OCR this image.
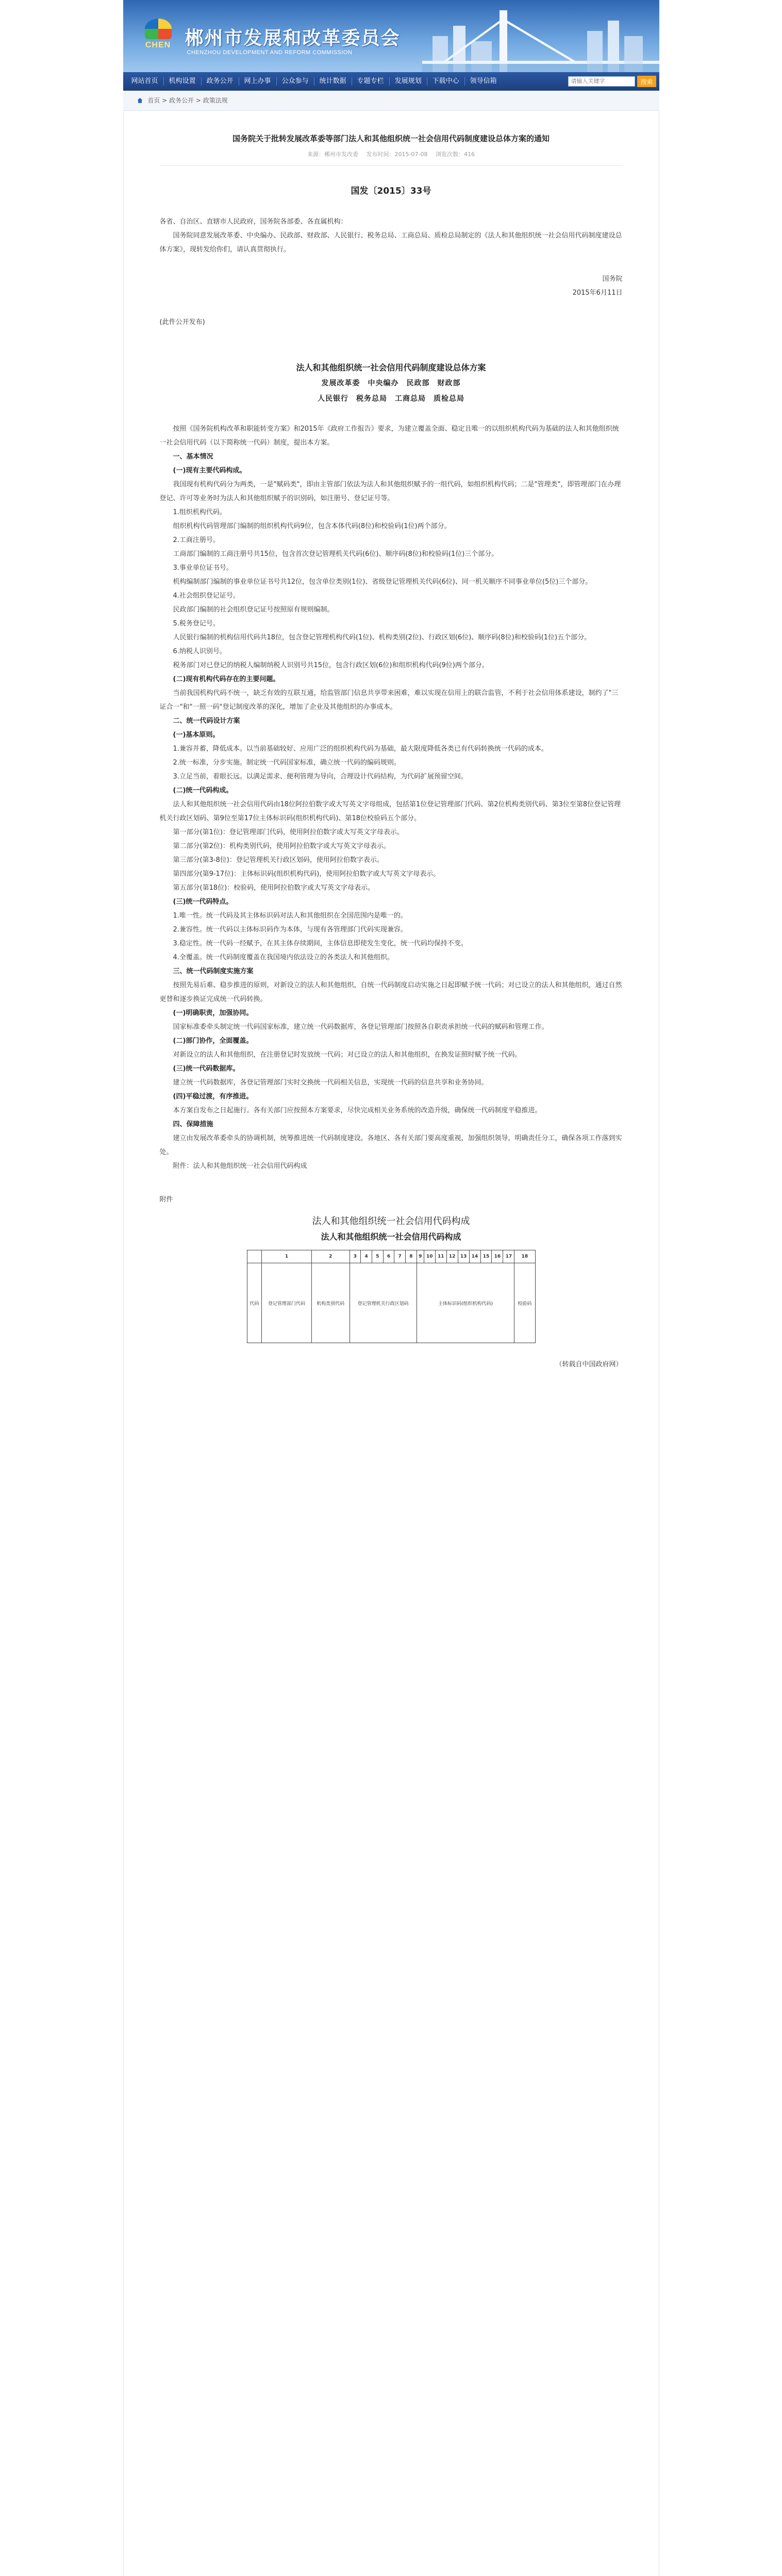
CHEN 郴州市发展和改革委员会
CHENZHOU DEVELOPMENT AND REFORM COMMISSION
网站首页	机构设置	政务公开	网上办事	公众参与	统计数据	专题专栏	发展规划	下载中心	领导信箱
请输入关键字	搜索
首页 > 政务公开 > 政策法规
国务院关于批转发展改革委等部门法人和其他组织统一社会信用代码制度建设总体方案的通知
来源：郴州市发改委 发布时间：2015-07-08 浏览次数：416
国发〔2015〕33号

各省、自治区、直辖市人民政府，国务院各部委、各直属机构：

国务院同意发展改革委、中央编办、民政部、财政部、人民银行、税务总局、工商总局、质检总局制定的《法人和其他组织统一社会信用代码制度建设总体方案》，现转发给你们，请认真贯彻执行。

国务院

2015年6月11日

(此件公开发布)

法人和其他组织统一社会信用代码制度建设总体方案
发展改革委　中央编办　民政部　财政部
人民银行　税务总局　工商总局　质检总局

按照《国务院机构改革和职能转变方案》和2015年《政府工作报告》要求，为建立覆盖全面、稳定且唯一的以组织机构代码为基础的法人和其他组织统一社会信用代码（以下简称统一代码）制度，提出本方案。

一、基本情况

(一)现有主要代码构成。

我国现有机构代码分为两类，一是"赋码类"，即由主管部门依法为法人和其他组织赋予的一组代码，如组织机构代码；二是"管理类"，即管理部门在办理登记、许可等业务时为法人和其他组织赋予的识别码，如注册号、登记证号等。

1.组织机构代码。

组织机构代码管理部门编制的组织机构代码9位，包含本体代码(8位)和校验码(1位)两个部分。

2.工商注册号。

工商部门编制的工商注册号共15位，包含首次登记管理机关代码(6位)、顺序码(8位)和校验码(1位)三个部分。

3.事业单位证书号。

机构编制部门编制的事业单位证书号共12位，包含单位类别(1位)、省级登记管理机关代码(6位)、同一机关顺序不同事业单位(5位)三个部分。

4.社会组织登记证号。

民政部门编制的社会组织登记证号按照原有规则编制。

5.税务登记号。

人民银行编制的机构信用代码共18位，包含登记管理机构代码(1位)、机构类别(2位)、行政区划(6位)、顺序码(8位)和校验码(1位)五个部分。

6.纳税人识别号。

税务部门对已登记的纳税人编制纳税人识别号共15位，包含行政区划(6位)和组织机构代码(9位)两个部分。

(二)现有机构代码存在的主要问题。

当前我国机构代码不统一，缺乏有效的互联互通，给监管部门信息共享带来困难，难以实现在信用上的联合监管，不利于社会信用体系建设，制约了"三证合一"和"一照一码"登记制度改革的深化，增加了企业及其他组织的办事成本。

二、统一代码设计方案

(一)基本原则。

1.兼容并蓄，降低成本。以当前基础较好、应用广泛的组织机构代码为基础，最大限度降低各类已有代码转换统一代码的成本。

2.统一标准，分步实施。制定统一代码国家标准，确立统一代码的编码规则。

3.立足当前，着眼长远。以满足需求、便利管理为导向，合理设计代码结构，为代码扩展预留空间。

(二)统一代码构成。

法人和其他组织统一社会信用代码由18位阿拉伯数字或大写英文字母组成，包括第1位登记管理部门代码、第2位机构类别代码、第3位至第8位登记管理机关行政区划码、第9位至第17位主体标识码(组织机构代码)、第18位校验码五个部分。

第一部分(第1位)：登记管理部门代码，使用阿拉伯数字或大写英文字母表示。

第二部分(第2位)：机构类别代码，使用阿拉伯数字或大写英文字母表示。

第三部分(第3-8位)：登记管理机关行政区划码，使用阿拉伯数字表示。

第四部分(第9-17位)：主体标识码(组织机构代码)，使用阿拉伯数字或大写英文字母表示。

第五部分(第18位)：校验码，使用阿拉伯数字或大写英文字母表示。

(三)统一代码特点。

1.唯一性。统一代码及其主体标识码对法人和其他组织在全国范围内是唯一的。

2.兼容性。统一代码以主体标识码作为本体，与现有各管理部门代码实现兼容。

3.稳定性。统一代码一经赋予，在其主体存续期间，主体信息即使发生变化，统一代码均保持不变。

4.全覆盖。统一代码制度覆盖在我国境内依法设立的各类法人和其他组织。

三、统一代码制度实施方案

按照先易后难、稳步推进的原则，对新设立的法人和其他组织，自统一代码制度启动实施之日起即赋予统一代码；对已设立的法人和其他组织，通过自然更替和逐步换证完成统一代码转换。

(一)明确职责，加强协同。

国家标准委牵头制定统一代码国家标准，建立统一代码数据库，各登记管理部门按照各自职责承担统一代码的赋码和管理工作。

(二)部门协作，全面覆盖。

对新设立的法人和其他组织，在注册登记时发放统一代码；对已设立的法人和其他组织，在换发证照时赋予统一代码。

(三)统一代码数据库。

建立统一代码数据库，各登记管理部门实时交换统一代码相关信息，实现统一代码的信息共享和业务协同。

(四)平稳过渡，有序推进。

本方案自发布之日起施行。各有关部门应按照本方案要求，尽快完成相关业务系统的改造升级，确保统一代码制度平稳推进。

四、保障措施

建立由发展改革委牵头的协调机制，统筹推进统一代码制度建设。各地区、各有关部门要高度重视，加强组织领导，明确责任分工，确保各项工作落到实处。

附件：法人和其他组织统一社会信用代码构成

附件
法人和其他组织统一社会信用代码构成
法人和其他组织统一社会信用代码构成
	1	2	3	4	5	6	7	8	9	10	11	12	13	14	15	16	17	18
代码	登记管理部门代码	机构类别代码	登记管理机关行政区划码						主体标识码(组织机构代码)									校验码
（转载自中国政府网）
